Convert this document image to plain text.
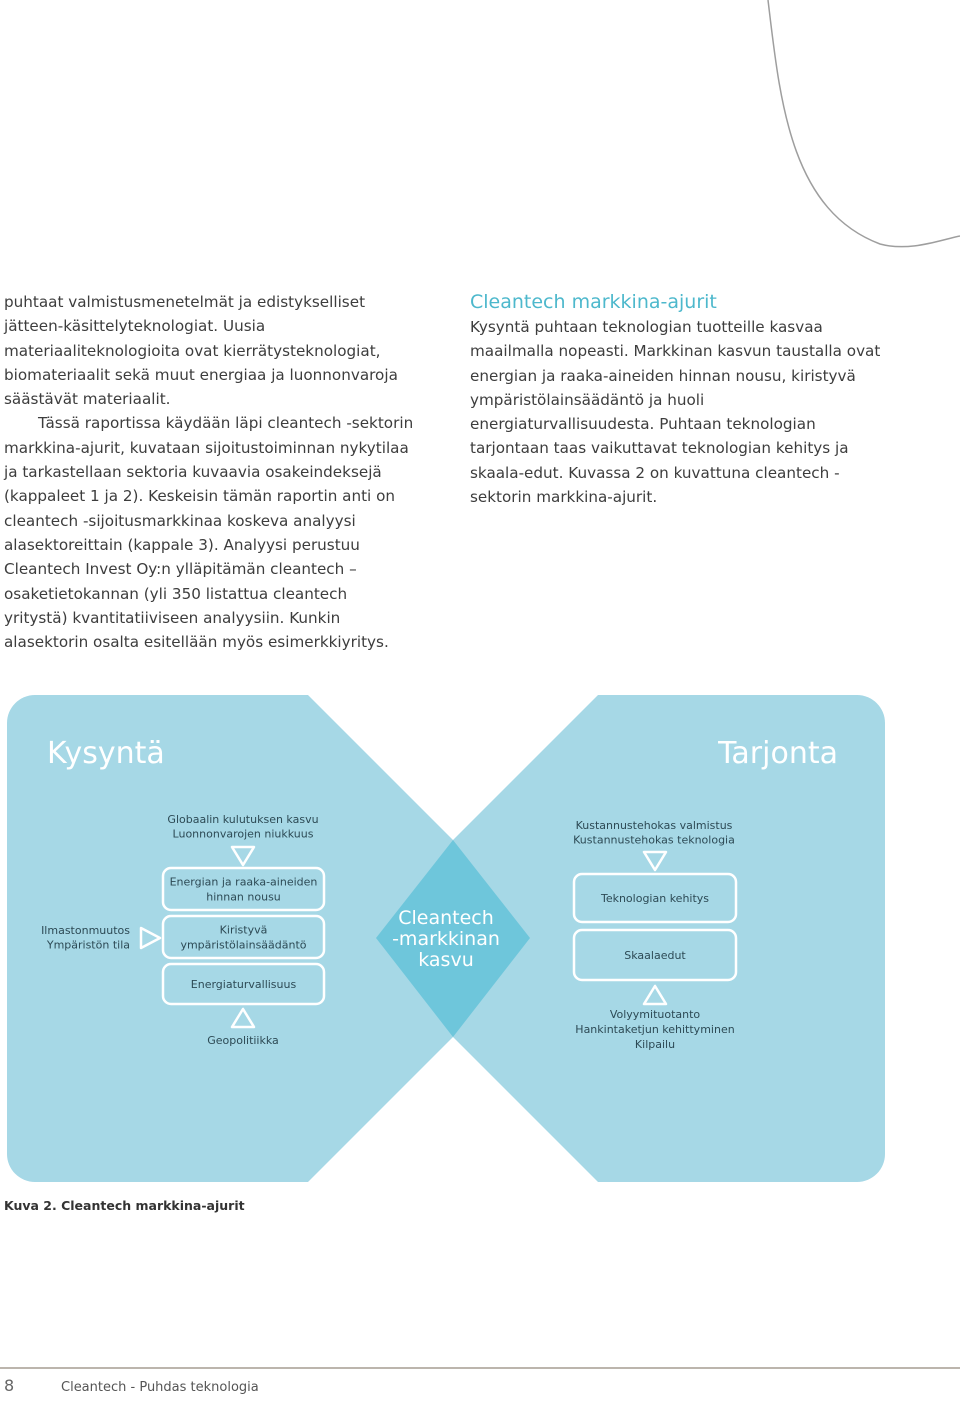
puhtaat valmistusmenetelmät ja edistykselliset jätteen-käsittelyteknologiat. Uusia materiaaliteknologioita ovat kierrätysteknologiat, biomateriaalit sekä muut energiaa ja luonnonvaroja säästävät materiaalit.

Tässä raportissa käydään läpi cleantech -sektorin markkina-ajurit, kuvataan sijoitustoiminnan nykytilaa ja tarkastellaan sektoria kuvaavia osakeindeksejä (kappaleet 1 ja 2). Keskeisin tämän raportin anti on cleantech -sijoitusmarkkinaa koskeva analyysi alasektoreittain (kappale 3). Analyysi perustuu Cleantech Invest Oy:n ylläpitämän cleantech –osaketietokannan (yli 350 listattua cleantech yritystä) kvantitatiiviseen analyysiin. Kunkin alasektorin osalta esitellään myös esimerkkiyritys.

Cleantech markkina-ajurit

Kysyntä puhtaan teknologian tuotteille kasvaa maailmalla nopeasti. Markkinan kasvun taustalla ovat energian ja raaka-aineiden hinnan nousu, kiristyvä ympäristölainsäädäntö ja huoli energiaturvallisuudesta. Puhtaan teknologian tarjontaan taas vaikuttavat teknologian kehitys ja skaala-edut. Kuvassa 2 on kuvattuna cleantech -sektorin markkina-ajurit.

Kysyntä	Tarjonta
Globaalin kulutuksen kasvu
Luonnonvarojen niukkuus
Ilmastonmuutos
Ympäristön tila
Energian ja raaka-aineiden
hinnan nousu
Kiristyvä
ympäristölainsäädäntö
Energiaturvallisuus
Geopolitiikka
Cleantech
-markkinan
kasvu
Kustannustehokas valmistus
Kustannustehokas teknologia
Teknologian kehitys
Skaalaedut
Volyymituotanto
Hankintaketjun kehittyminen
Kilpailu
Kuva 2. Cleantech markkina-ajurit
8	Cleantech - Puhdas teknologia
